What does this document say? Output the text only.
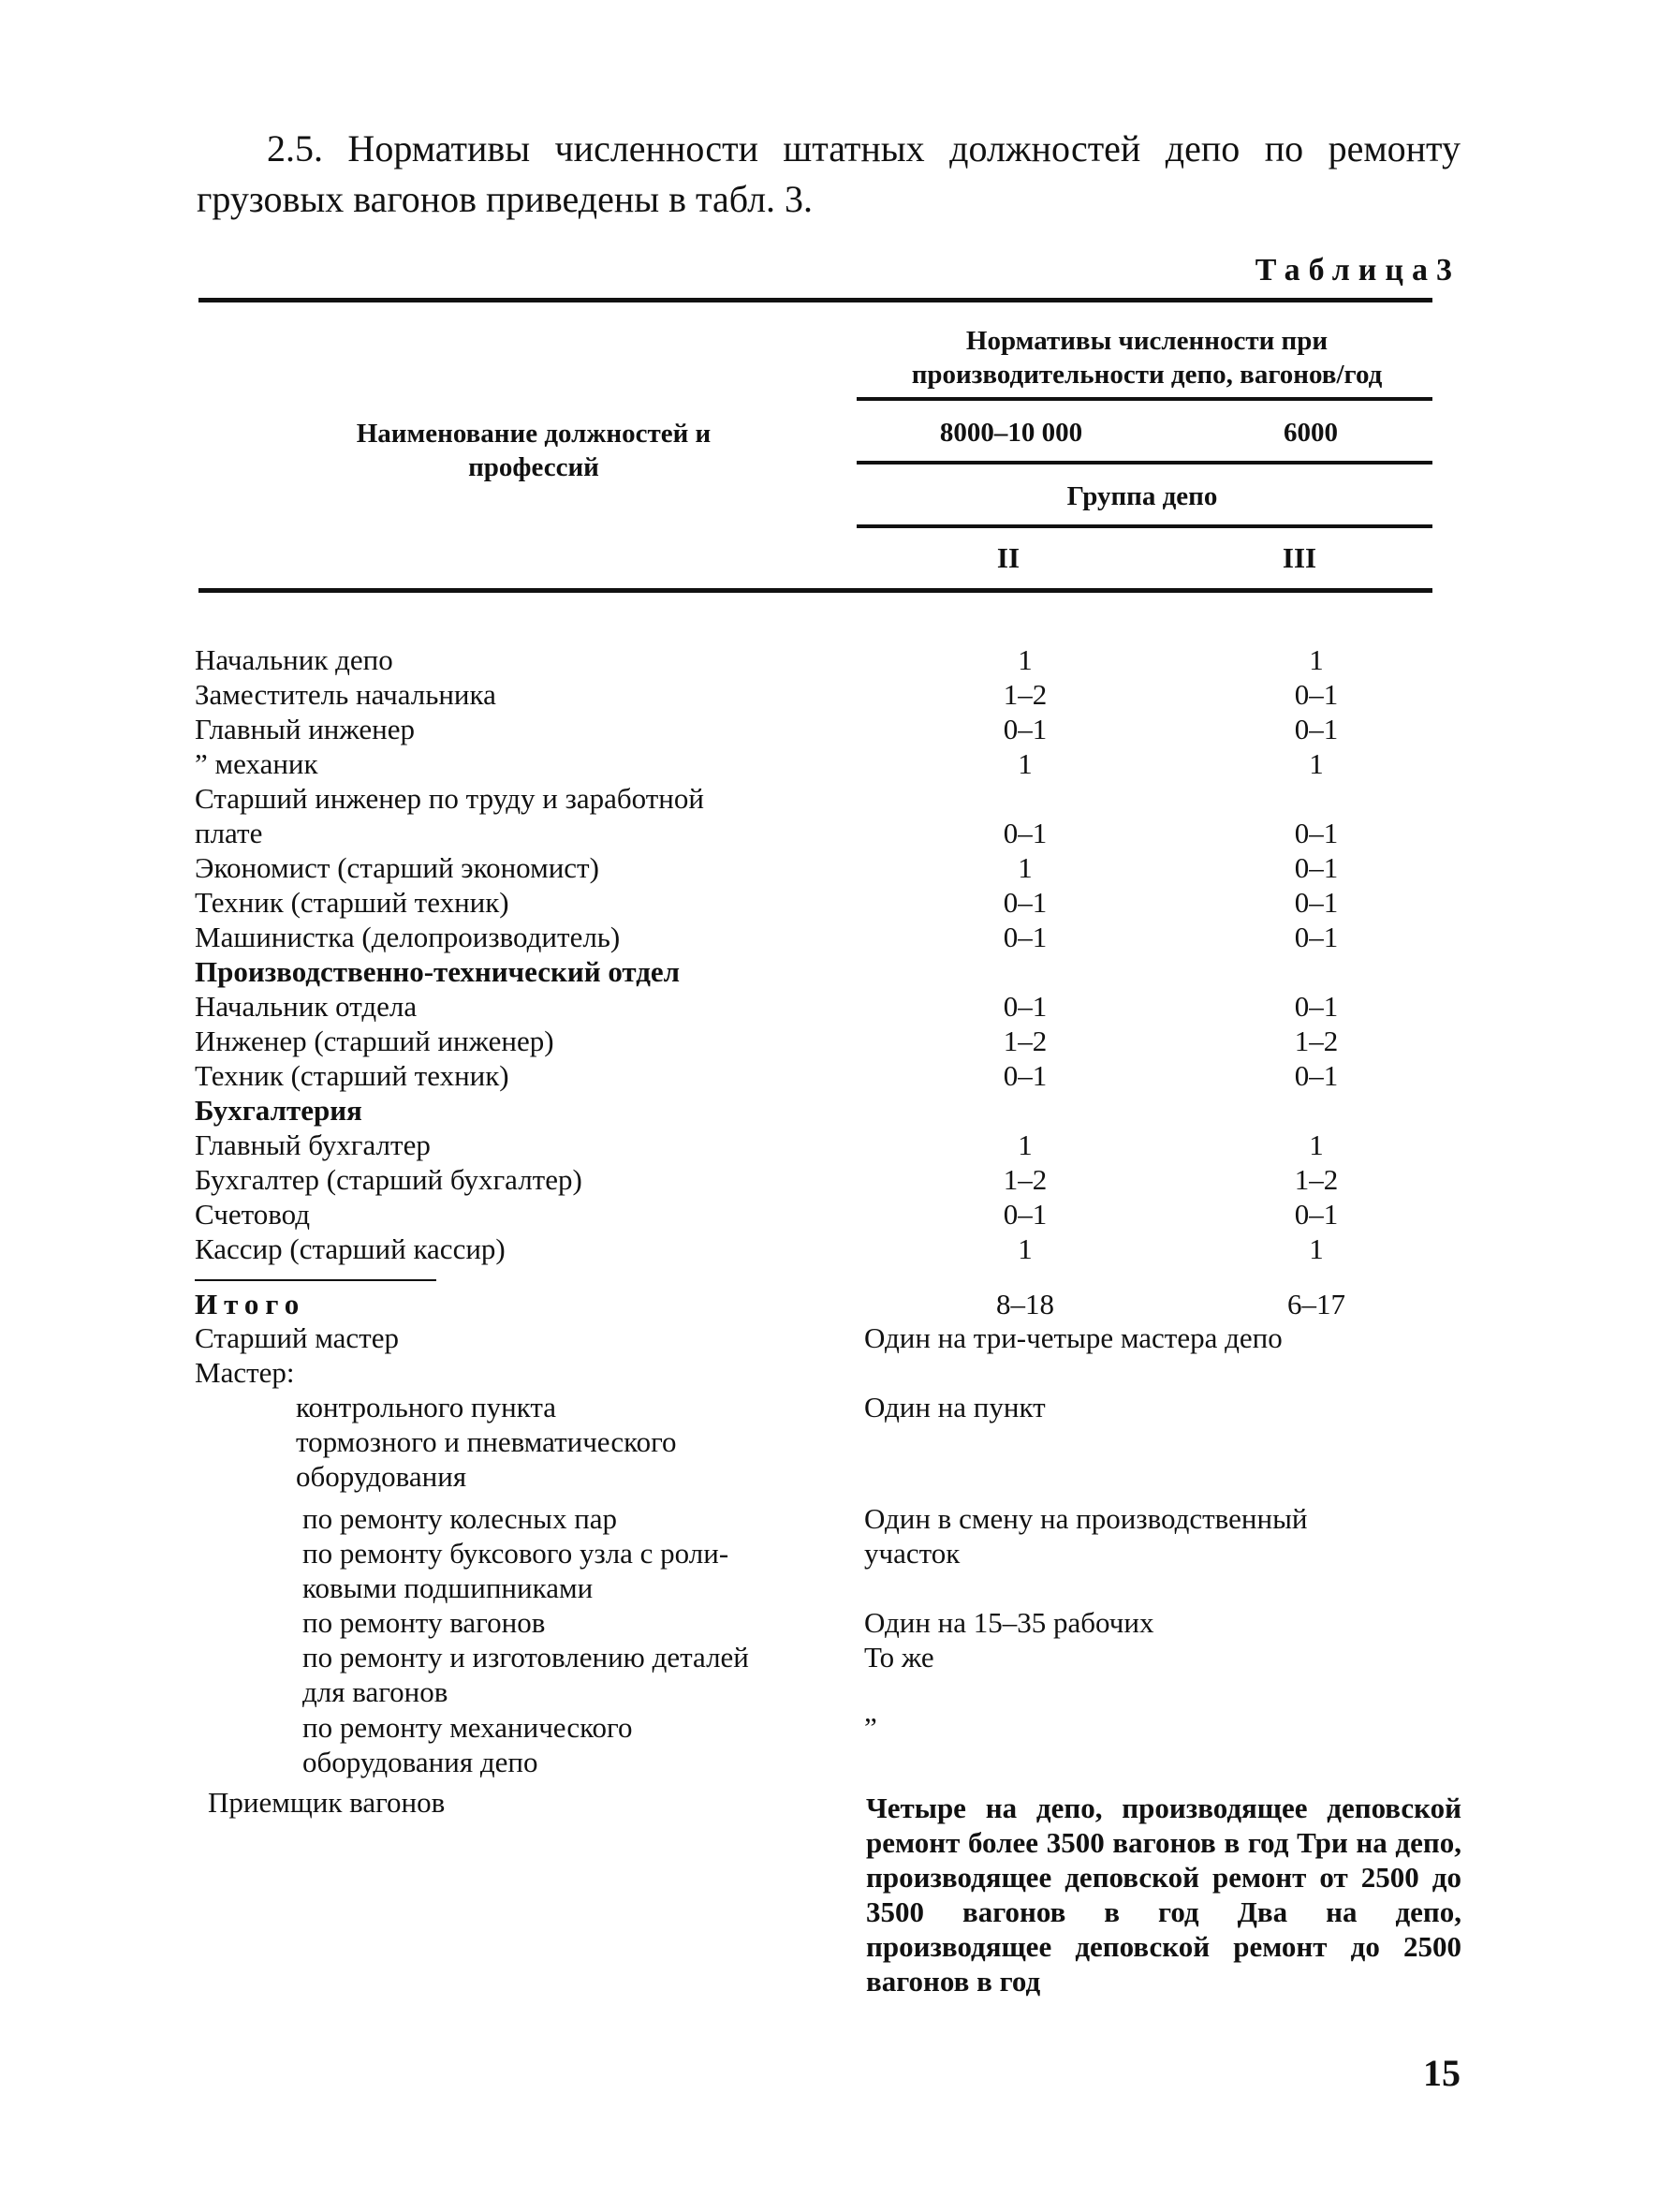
2.5. Нормативы численности штатных должностей депо по ремонту грузовых вагонов приведены в табл. 3.
Таблица3
Наименование должностей и профессий
Нормативы численности при производительности депо, вагонов/год
8000–10 000	6000
Группа депо
II	III
Начальник депо	1	1
Заместитель начальника	1–2	0–1
Главный инженер	0–1	0–1
” механик	1	1
Старший инженер по труду и заработной
плате	0–1	0–1
Экономист (старший экономист)	1	0–1
Техник (старший техник)	0–1	0–1
Машинистка (делопроизводитель)	0–1	0–1
Производственно-технический отдел
Начальник отдела	0–1	0–1
Инженер (старший инженер)	1–2	1–2
Техник (старший техник)	0–1	0–1
Бухгалтерия
Главный бухгалтер	1	1
Бухгалтер (старший бухгалтер)	1–2	1–2
Счетовод	0–1	0–1
Кассир (старший кассир)	1	1
Итого	8–18	6–17
Старший мастер	Один на три-четыре мастера депо
Мастер:
контрольного пункта	Один на пункт
тормозного и пневматического
оборудования
по ремонту колесных пар	Один в смену на производственный
по ремонту буксового узла с роли-	участок
ковыми подшипниками
по ремонту вагонов	Один на 15–35 рабочих
по ремонту и изготовлению деталей	То же
для вагонов
по ремонту механического	”
оборудования депо
Приемщик вагонов	Четыре на депо, производящее деповской ремонт более 3500 вагонов в год Три на депо, производящее деповской ремонт от 2500 до 3500 вагонов в год Два на депо, производящее деповской ремонт до 2500 вагонов в год
15
